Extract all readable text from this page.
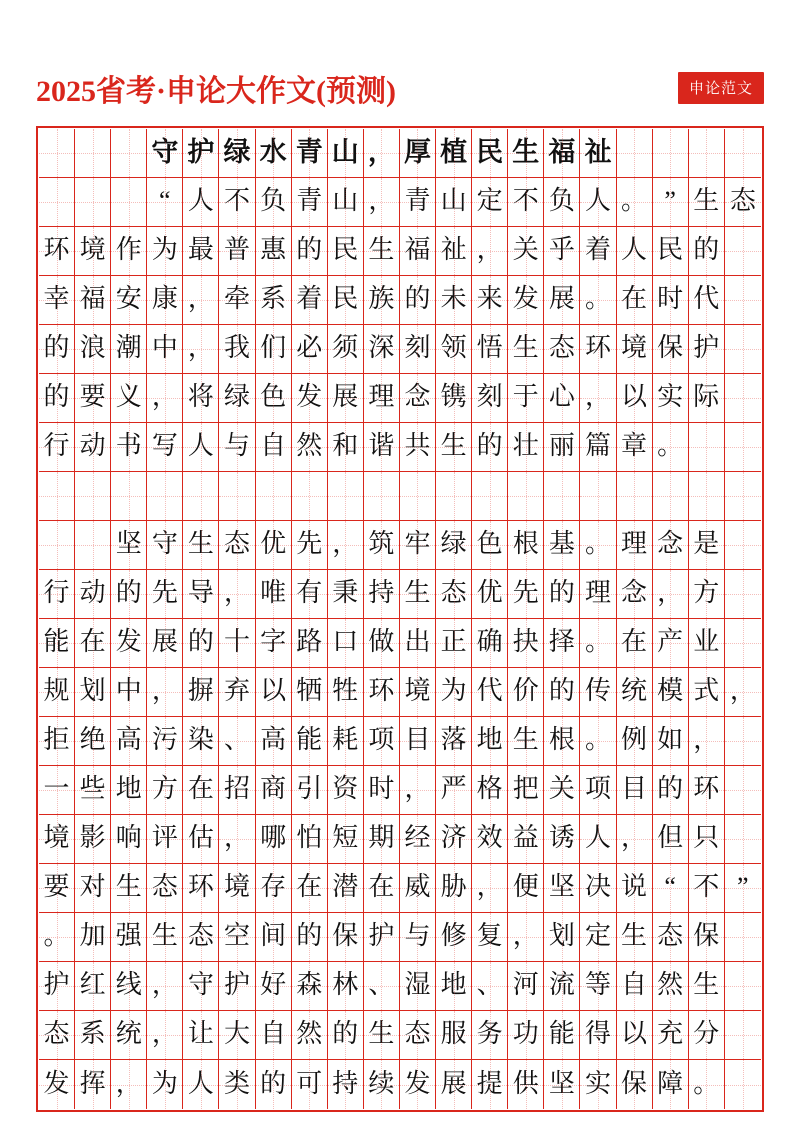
2025省考·申论大作文(预测)	申论范文
守 护 绿 水 青 山 ， 厚 植 民 生 福 祉
“ 人 不 负 青 山 ， 青 山 定 不 负 人 。 ” 生 态
环 境 作 为 最 普 惠 的 民 生 福 祉 ， 关 乎 着 人 民 的
幸 福 安 康 ， 牵 系 着 民 族 的 未 来 发 展 。 在 时 代
的 浪 潮 中 ， 我 们 必 须 深 刻 领 悟 生 态 环 境 保 护
的 要 义 ， 将 绿 色 发 展 理 念 镌 刻 于 心 ， 以 实 际
行 动 书 写 人 与 自 然 和 谐 共 生 的 壮 丽 篇 章 。
坚 守 生 态 优 先 ， 筑 牢 绿 色 根 基 。 理 念 是
行 动 的 先 导 ， 唯 有 秉 持 生 态 优 先 的 理 念 ， 方
能 在 发 展 的 十 字 路 口 做 出 正 确 抉 择 。 在 产 业
规 划 中 ， 摒 弃 以 牺 牲 环 境 为 代 价 的 传 统 模 式 ，
拒 绝 高 污 染 、 高 能 耗 项 目 落 地 生 根 。 例 如 ，
一 些 地 方 在 招 商 引 资 时 ， 严 格 把 关 项 目 的 环
境 影 响 评 估 ， 哪 怕 短 期 经 济 效 益 诱 人 ， 但 只
要 对 生 态 环 境 存 在 潜 在 威 胁 ， 便 坚 决 说 “ 不 ”
。 加 强 生 态 空 间 的 保 护 与 修 复 ， 划 定 生 态 保
护 红 线 ， 守 护 好 森 林 、 湿 地 、 河 流 等 自 然 生
态 系 统 ， 让 大 自 然 的 生 态 服 务 功 能 得 以 充 分
发 挥 ， 为 人 类 的 可 持 续 发 展 提 供 坚 实 保 障 。
